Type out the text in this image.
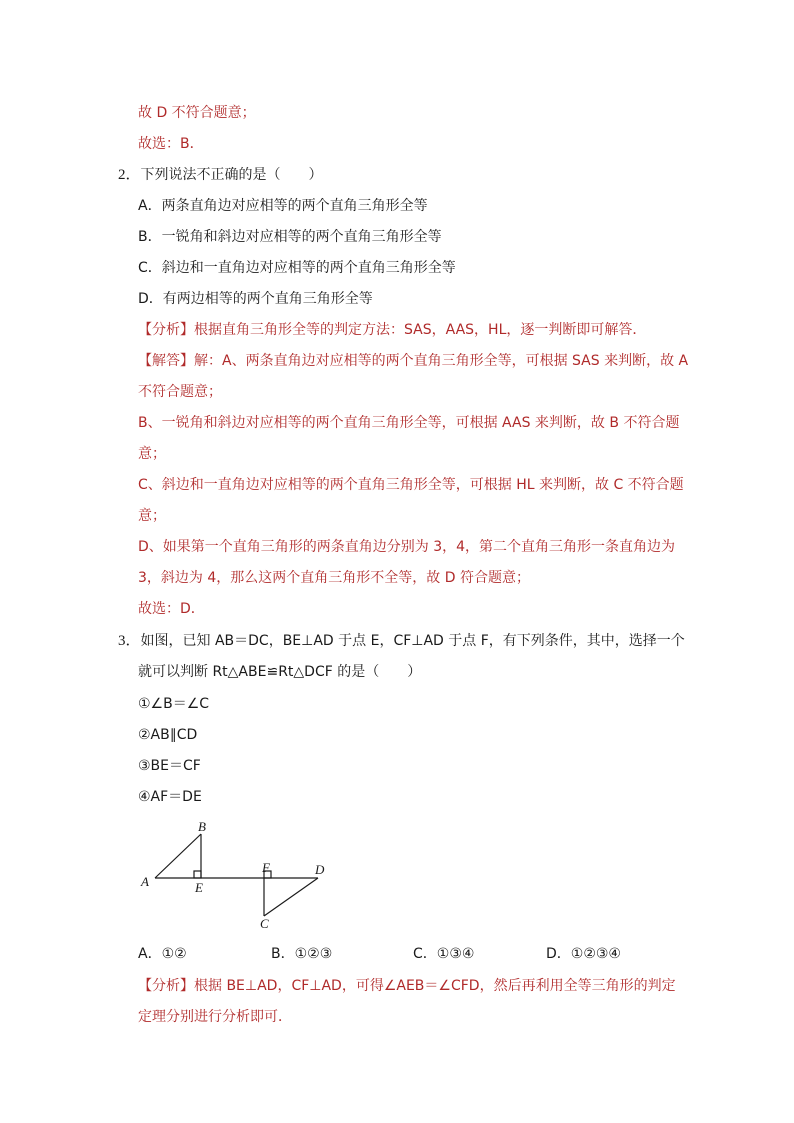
故 D 不符合题意；
故选：B．
2．下列说法不正确的是（　　）
A．两条直角边对应相等的两个直角三角形全等
B．一锐角和斜边对应相等的两个直角三角形全等
C．斜边和一直角边对应相等的两个直角三角形全等
D．有两边相等的两个直角三角形全等
【分析】根据直角三角形全等的判定方法：SAS，AAS，HL，逐一判断即可解答．
【解答】解：A、两条直角边对应相等的两个直角三角形全等，可根据 SAS 来判断，故 A
不符合题意；
B、一锐角和斜边对应相等的两个直角三角形全等，可根据 AAS 来判断，故 B 不符合题
意；
C、斜边和一直角边对应相等的两个直角三角形全等，可根据 HL 来判断，故 C 不符合题
意；
D、如果第一个直角三角形的两条直角边分别为 3，4，第二个直角三角形一条直角边为
3，斜边为 4，那么这两个直角三角形不全等，故 D 符合题意；
故选：D．
3．如图，已知 AB＝DC，BE⊥AD 于点 E，CF⊥AD 于点 F，有下列条件，其中，选择一个
就可以判断 Rt△ABE≌Rt△DCF 的是（　　）
①∠B＝∠C
②AB∥CD
③BE＝CF
④AF＝DE
A
B
E
F	D
C
A．①②	B．①②③	C．①③④	D．①②③④
【分析】根据 BE⊥AD，CF⊥AD，可得∠AEB＝∠CFD，然后再利用全等三角形的判定
定理分别进行分析即可．
